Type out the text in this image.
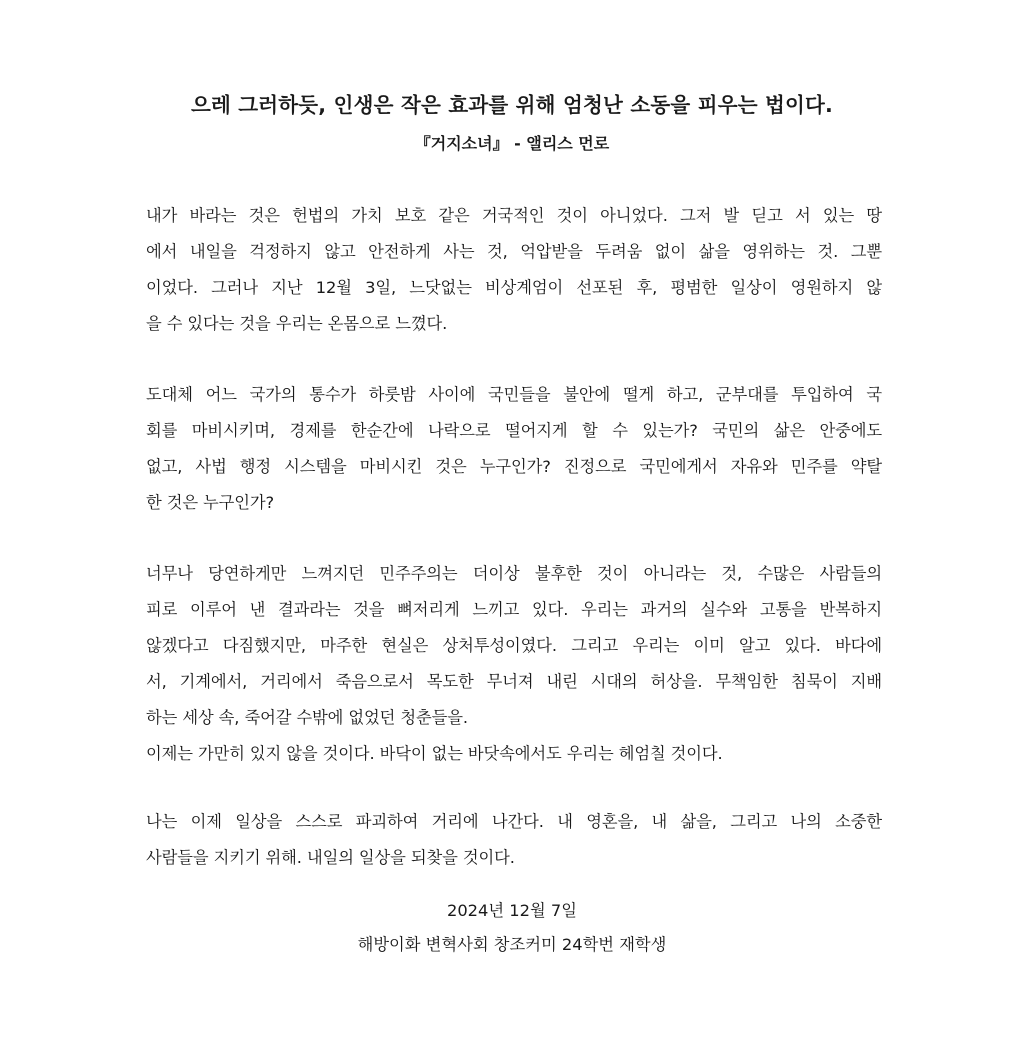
으레 그러하듯, 인생은 작은 효과를 위해 엄청난 소동을 피우는 법이다.
『거지소녀』 - 앨리스 먼로
내가 바라는 것은 헌법의 가치 보호 같은 거국적인 것이 아니었다. 그저 발 딛고 서 있는 땅
에서 내일을 걱정하지 않고 안전하게 사는 것, 억압받을 두려움 없이 삶을 영위하는 것. 그뿐
이었다. 그러나 지난 12월 3일, 느닷없는 비상계엄이 선포된 후, 평범한 일상이 영원하지 않
을 수 있다는 것을 우리는 온몸으로 느꼈다.
도대체 어느 국가의 통수가 하룻밤 사이에 국민들을 불안에 떨게 하고, 군부대를 투입하여 국
회를 마비시키며, 경제를 한순간에 나락으로 떨어지게 할 수 있는가? 국민의 삶은 안중에도
없고, 사법 행정 시스템을 마비시킨 것은 누구인가? 진정으로 국민에게서 자유와 민주를 약탈
한 것은 누구인가?
너무나 당연하게만 느껴지던 민주주의는 더이상 불후한 것이 아니라는 것, 수많은 사람들의
피로 이루어 낸 결과라는 것을 뼈저리게 느끼고 있다. 우리는 과거의 실수와 고통을 반복하지
않겠다고 다짐했지만, 마주한 현실은 상처투성이였다. 그리고 우리는 이미 알고 있다. 바다에
서, 기계에서, 거리에서 죽음으로서 목도한 무너져 내린 시대의 허상을. 무책임한 침묵이 지배
하는 세상 속, 죽어갈 수밖에 없었던 청춘들을.
이제는 가만히 있지 않을 것이다. 바닥이 없는 바닷속에서도 우리는 헤엄칠 것이다.
나는 이제 일상을 스스로 파괴하여 거리에 나간다. 내 영혼을, 내 삶을, 그리고 나의 소중한
사람들을 지키기 위해. 내일의 일상을 되찾을 것이다.
2024년 12월 7일
해방이화 변혁사회 창조커미 24학번 재학생
